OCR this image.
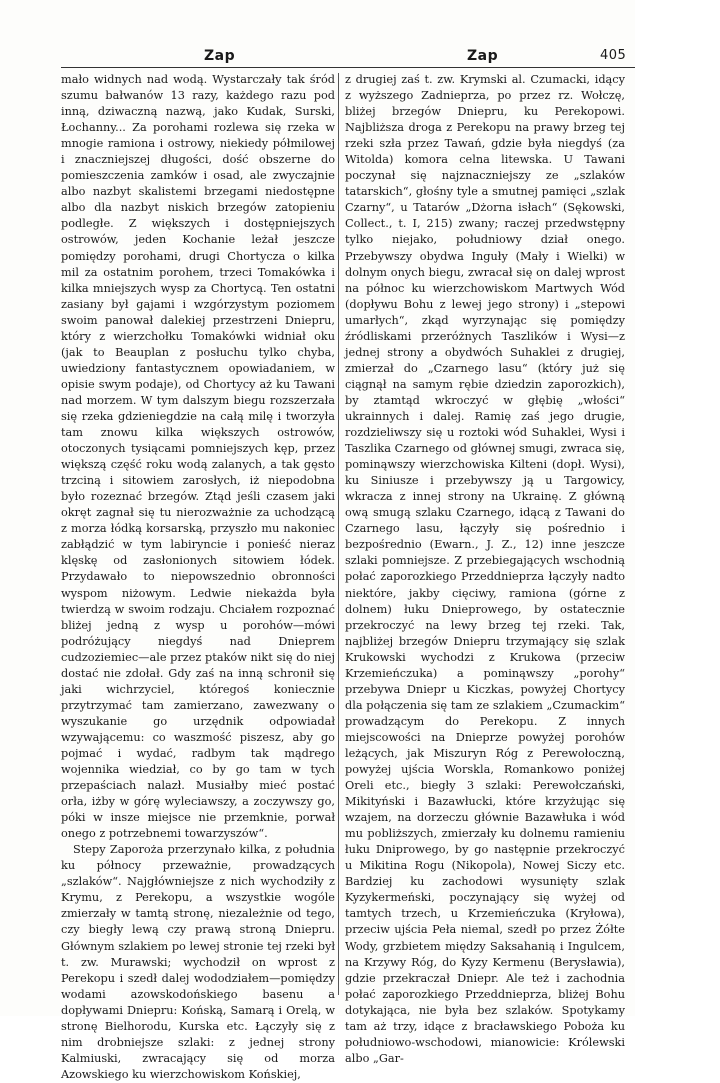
Zap	Zap	405

mało widnych nad wodą. Wystarczały tak śród szumu bałwanów 13 razy, każdego razu pod inną, dziwaczną nazwą, jako Kudak, Surski, Łochanny... Za porohami rozlewa się rzeka w mnogie ramiona i ostrowy, niekiedy półmilowej i znaczniejszej długości, dość obszerne do pomieszczenia zamków i osad, ale zwyczajnie albo nazbyt skalistemi brzegami niedostępne albo dla nazbyt niskich brzegów zatopieniu podległe. Z większych i dostępniejszych ostrowów, jeden Kochanie leżał jeszcze pomiędzy porohami, drugi Chortycza o kilka mil za ostatnim porohem, trzeci Tomakówka i kilka mniejszych wysp za Chortycą. Ten ostatni zasiany był gajami i wzgórzystym poziomem swoim panował dalekiej przestrzeni Dniepru, który z wierzchołku Tomakówki widniał oku (jak to Beauplan z posłuchu tylko chyba, uwiedziony fantastycznem opowiadaniem, w opisie swym podaje), od Chortycy aż ku Tawani nad morzem. W tym dalszym biegu rozszerzała się rzeka gdzieniegdzie na całą milę i tworzyła tam znowu kilka większych ostrowów, otoczonych tysiącami pomniejszych kęp, przez większą część roku wodą zalanych, a tak gęsto trzciną i sitowiem zarosłych, iż niepodobna było rozeznać brzegów. Ztąd jeśli czasem jaki okręt zagnał się tu nierozważnie za uchodzącą z morza łódką korsarską, przyszło mu nakoniec zabłądzić w tym labiryncie i ponieść nieraz klęskę od zasłonionych sitowiem łódek. Przydawało to niepowszednio obronności wyspom niżowym. Ledwie niekażda była twierdzą w swoim rodzaju. Chciałem rozpoznać bliżej jedną z wysp u porohów—mówi podróżujący niegdyś nad Dnieprem cudzoziemiec—ale przez ptaków nikt się do niej dostać nie zdołał. Gdy zaś na inną schronił się jaki wichrzyciel, któregoś koniecznie przytrzymać tam zamierzano, zawezwany o wyszukanie go urzędnik odpowiadał wzywającemu: co waszmość piszesz, aby go pojmać i wydać, radbym tak mądrego wojennika wiedział, co by go tam w tych przepaściach nalazł. Musiałby mieć postać orła, iżby w górę wyleciawszy, a zoczywszy go, póki w insze miejsce nie przemknie, porwał onego z potrzebnemi towarzyszów“.

Stepy Zaporoża przerzynało kilka, z południa ku północy przeważnie, prowadzących „szlaków“. Najgłówniejsze z nich wychodziły z Krymu, z Perekopu, a wszystkie wogóle zmierzały w tamtą stronę, niezależnie od tego, czy biegły lewą czy prawą stroną Dniepru. Głównym szlakiem po lewej stronie tej rzeki był t. zw. Murawski; wychodził on wprost z Perekopu i szedł dalej wododziałem—pomiędzy wodami azowskodońskiego basenu a dopływami Dniepru: Końską, Samarą i Orelą, w stronę Bielhorodu, Kurska etc. Łączyły się z nim drobniejsze szlaki: z jednej strony Kalmiuski, zwracający się od morza Azowskiego ku wierzchowiskom Końskiej,

z drugiej zaś t. zw. Krymski al. Czumacki, idący z wyższego Zadnieprza, po przez rz. Wołczę, bliżej brzegów Dniepru, ku Perekopowi. Najbliższa droga z Perekopu na prawy brzeg tej rzeki szła przez Tawań, gdzie była niegdyś (za Witolda) komora celna litewska. U Tawani poczynał się najznaczniejszy ze „szlaków tatarskich“, głośny tyle a smutnej pamięci „szlak Czarny“, u Tatarów „Dżorna isłach“ (Sękowski, Collect., t. I, 215) zwany; raczej przedwstępny tylko niejako, południowy dział onego. Przebywszy obydwa Inguły (Mały i Wielki) w dolnym onych biegu, zwracał się on dalej wprost na północ ku wierzchowiskom Martwych Wód (dopływu Bohu z lewej jego strony) i „stepowi umarłych“, zkąd wyrzynając się pomiędzy źródliskami przeróżnych Taszlików i Wysi—z jednej strony a obydwóch Suhaklei z drugiej, zmierzał do „Czarnego lasu“ (który już się ciągnął na samym rębie dziedzin zaporozkich), by ztamtąd wkroczyć w głębię „włości“ ukrainnych i dalej. Ramię zaś jego drugie, rozdzieliwszy się u roztoki wód Suhaklei, Wysi i Taszlika Czarnego od głównej smugi, zwraca się, pominąwszy wierzchowiska Kilteni (dopł. Wysi), ku Siniusze i przebywszy ją u Targowicy, wkracza z innej strony na Ukrainę. Z główną ową smugą szlaku Czarnego, idącą z Tawani do Czarnego lasu, łączyły się pośrednio i bezpośrednio (Ewarn., J. Z., 12) inne jeszcze szlaki pomniejsze. Z przebiegających wschodnią połać zaporozkiego Przeddnieprza łączyły nadto niektóre, jakby cięciwy, ramiona (górne z dolnem) łuku Dnieprowego, by ostatecznie przekroczyć na lewy brzeg tej rzeki. Tak, najbliżej brzegów Dniepru trzymający się szlak Krukowski wychodzi z Krukowa (przeciw Krzemieńczuka) a pominąwszy „porohy“ przebywa Dniepr u Kiczkas, powyżej Chortycy dla połączenia się tam ze szlakiem „Czumackim“ prowadzącym do Perekopu. Z innych miejscowości na Dnieprze powyżej porohów leżących, jak Miszuryn Róg z Perewołoczną, powyżej ujścia Worskla, Romankowo poniżej Oreli etc., biegły 3 szlaki: Perewołczański, Mikityński i Bazawłucki, które krzyżując się wzajem, na dorzeczu głównie Bazawłuka i wód mu pobliższych, zmierzały ku dolnemu ramieniu łuku Dniprowego, by go następnie przekroczyć u Mikitina Rogu (Nikopola), Nowej Siczy etc. Bardziej ku zachodowi wysunięty szlak Kyzykermeński, poczynający się wyżej od tamtych trzech, u Krzemieńczuka (Kryłowa), przeciw ujścia Peła niemal, szedł po przez Żółte Wody, grzbietem między Saksahanią i Ingulcem, na Krzywy Róg, do Kyzy Kermenu (Berysławia), gdzie przekraczał Dniepr. Ale też i zachodnia połać zaporozkiego Przeddnieprza, bliżej Bohu dotykająca, nie była bez szlaków. Spotykamy tam aż trzy, idące z bracławskiego Poboża ku południowo-wschodowi, mianowicie: Królewski albo „Gar-
